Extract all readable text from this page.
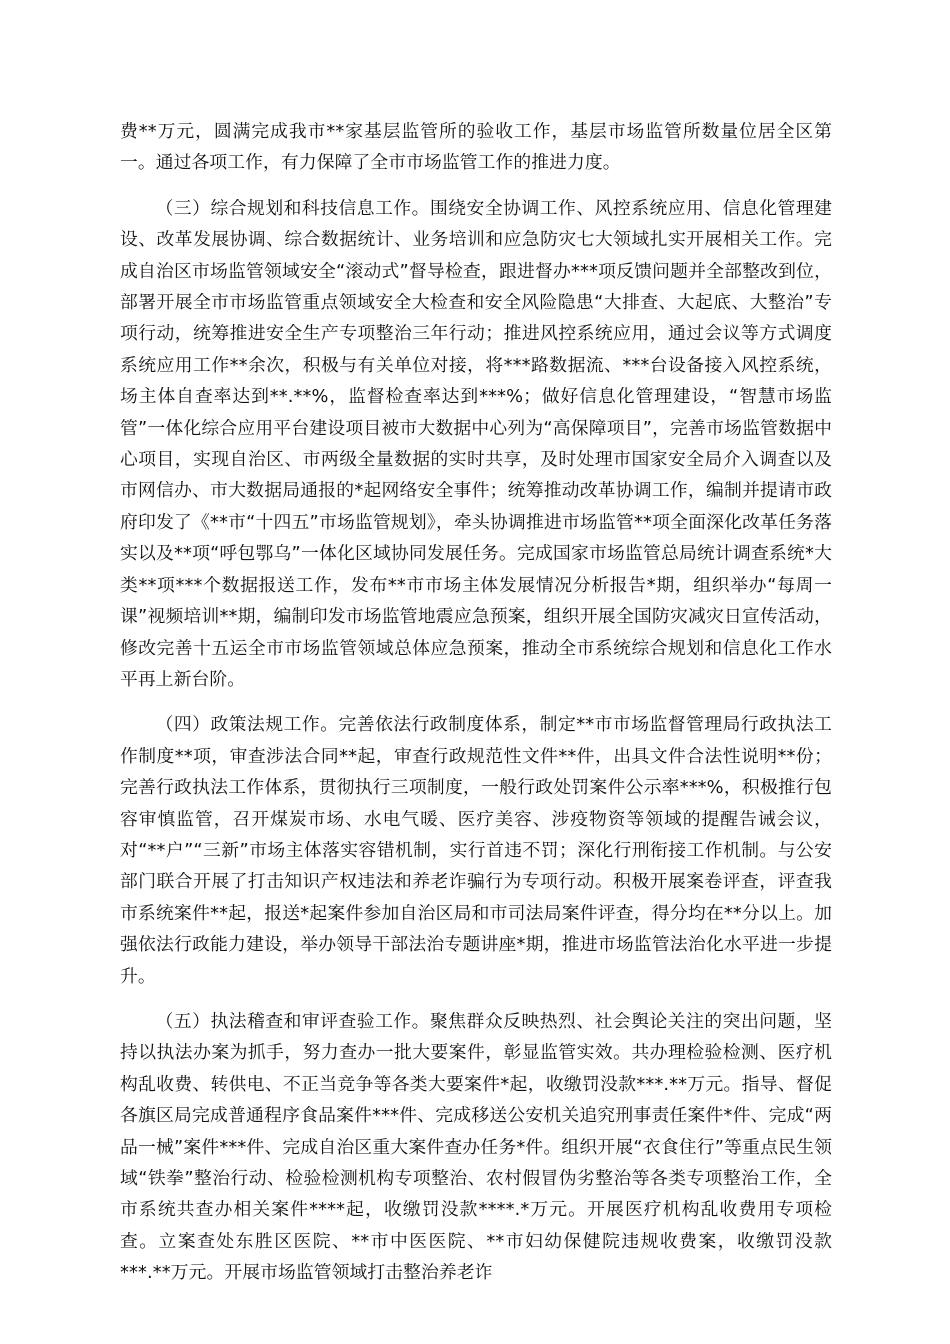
费**万元，圆满完成我市**家基层监管所的验收工作，基层市场监管所数量位居全区第一。通过各项工作，有力保障了全市市场监管工作的推进力度。

（三）综合规划和科技信息工作。围绕安全协调工作、风控系统应用、信息化管理建设、改革发展协调、综合数据统计、业务培训和应急防灾七大领域扎实开展相关工作。完成自治区市场监管领域安全“滚动式”督导检查，跟进督办***项反馈问题并全部整改到位，部署开展全市市场监管重点领域安全大检查和安全风险隐患“大排查、大起底、大整治”专项行动，统筹推进安全生产专项整治三年行动；推进风控系统应用，通过会议等方式调度系统应用工作**余次，积极与有关单位对接，将***路数据流、***台设备接入风控系统，场主体自查率达到**.**%，监督检查率达到***%；做好信息化管理建设，“智慧市场监管”一体化综合应用平台建设项目被市大数据中心列为“高保障项目”，完善市场监管数据中心项目，实现自治区、市两级全量数据的实时共享，及时处理市国家安全局介入调查以及市网信办、市大数据局通报的*起网络安全事件；统筹推动改革协调工作，编制并提请市政府印发了《**市“十四五”市场监管规划》，牵头协调推进市场监管**项全面深化改革任务落实以及**项“呼包鄂乌”一体化区域协同发展任务。完成国家市场监管总局统计调查系统*大类**项***个数据报送工作，发布**市市场主体发展情况分析报告*期，组织举办“每周一课”视频培训**期，编制印发市场监管地震应急预案，组织开展全国防灾减灾日宣传活动，修改完善十五运全市市场监管领域总体应急预案，推动全市系统综合规划和信息化工作水平再上新台阶。

（四）政策法规工作。完善依法行政制度体系，制定**市市场监督管理局行政执法工作制度**项，审查涉法合同**起，审查行政规范性文件**件，出具文件合法性说明**份；完善行政执法工作体系，贯彻执行三项制度，一般行政处罚案件公示率***%，积极推行包容审慎监管，召开煤炭市场、水电气暖、医疗美容、涉疫物资等领域的提醒告诫会议，对“**户”“三新”市场主体落实容错机制，实行首违不罚；深化行刑衔接工作机制。与公安部门联合开展了打击知识产权违法和养老诈骗行为专项行动。积极开展案卷评查，评查我市系统案件**起，报送*起案件参加自治区局和市司法局案件评查，得分均在**分以上。加强依法行政能力建设，举办领导干部法治专题讲座*期，推进市场监管法治化水平进一步提升。

（五）执法稽查和审评查验工作。聚焦群众反映热烈、社会舆论关注的突出问题，坚持以执法办案为抓手，努力查办一批大要案件，彰显监管实效。共办理检验检测、医疗机构乱收费、转供电、不正当竞争等各类大要案件*起，收缴罚没款***.**万元。指导、督促各旗区局完成普通程序食品案件***件、完成移送公安机关追究刑事责任案件*件、完成“两品一械”案件***件、完成自治区重大案件查办任务*件。组织开展“衣食住行”等重点民生领域“铁拳”整治行动、检验检测机构专项整治、农村假冒伪劣整治等各类专项整治工作，全市系统共查办相关案件****起，收缴罚没款****.*万元。开展医疗机构乱收费用专项检查。立案查处东胜区医院、**市中医医院、**市妇幼保健院违规收费案，收缴罚没款***.**万元。开展市场监管领域打击整治养老诈
